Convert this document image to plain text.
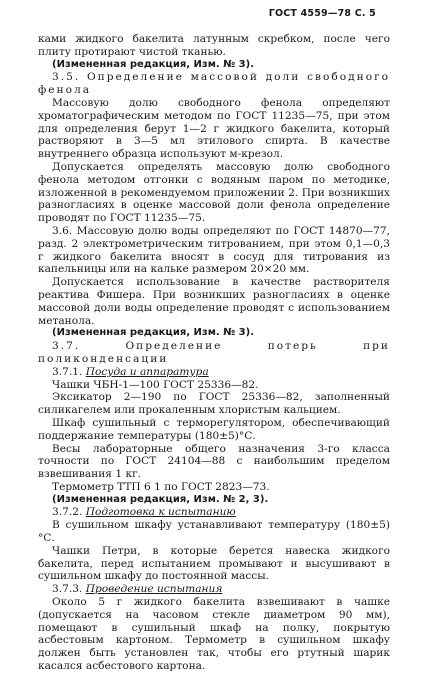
ГОСТ 4559—78 С. 5

ками жидкого бакелита латунным скребком, после чего плиту протирают чистой тканью.

(Измененная редакция, Изм. № 3).

3.5. Определение массовой доли свободного фенола

Массовую долю свободного фенола определяют хроматографическим методом по ГОСТ 11235—75, при этом для определения берут 1—2 г жидкого бакелита, который растворяют в 3—5 мл этилового спирта. В качестве внутреннего образца используют м-крезол.

Допускается определять массовую долю свободного фенола методом отгонки с водяным паром по методике, изложенной в рекомендуемом приложении 2. При возникших разногласиях в оценке массовой доли фенола определение проводят по ГОСТ 11235—75.

3.6. Массовую долю воды определяют по ГОСТ 14870—77, разд. 2 электрометрическим титрованием, при этом 0,1—0,3 г жидкого бакелита вносят в сосуд для титрования из капельницы или на кальке размером 20×20 мм.

Допускается использование в качестве растворителя реактива Фишера. При возникших разногласиях в оценке массовой доли воды определение проводят с использованием метанола.

(Измененная редакция, Изм. № 3).

3.7. Определение потерь при поликонденсации

3.7.1. Посуда и аппаратура

Чашки ЧБН-1—100 ГОСТ 25336—82.

Эксикатор 2—190 по ГОСТ 25336—82, заполненный силикагелем или прокаленным хлористым кальцием.

Шкаф сушильный с терморегулятором, обеспечивающий поддержание температуры (180±5)°С.

Весы лабораторные общего назначения 3-го класса точности по ГОСТ 24104—88 с наибольшим пределом взвешивания 1 кг.

Термометр ТТП 6 1 по ГОСТ 2823—73.

(Измененная редакция, Изм. № 2, 3).

3.7.2. Подготовка к испытанию

В сушильном шкафу устанавливают температуру (180±5)°С.

Чашки Петри, в которые берется навеска жидкого бакелита, перед испытанием промывают и высушивают в сушильном шкафу до постоянной массы.

3.7.3. Проведение испытания

Около 5 г жидкого бакелита взвешивают в чашке (допускается на часовом стекле диаметром 90 мм), помещают в сушильный шкаф на полку, покрытую асбестовым картоном. Термометр в сушильном шкафу должен быть установлен так, чтобы его ртутный шарик касался асбестового картона.
